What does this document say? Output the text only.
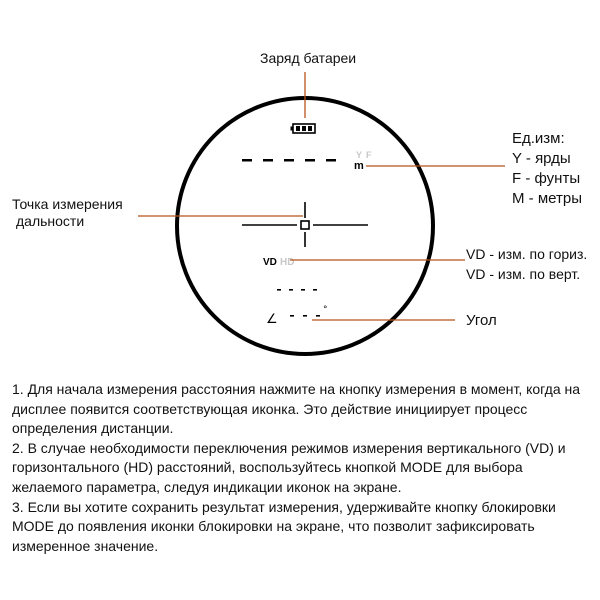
Y F
m
VD HD
∠
°
Заряд батареи
Точка измерения
дальности
Ед.изм:
Y - ярды
F - фунты
M - метры
VD - изм. по гориз.
VD - изм. по верт.
Угол

1. Для начала измерения расстояния нажмите на кнопку измерения в момент, когда на дисплее появится соответствующая иконка. Это действие инициирует процесс определения дистанции.

2. В случае необходимости переключения режимов измерения вертикального (VD) и горизонтального (HD) расстояний, воспользуйтесь кнопкой MODE для выбора желаемого параметра, следуя индикации иконок на экране.

3. Если вы хотите сохранить результат измерения, удерживайте кнопку блокировки MODE до появления иконки блокировки на экране, что позволит зафиксировать измеренное значение.
